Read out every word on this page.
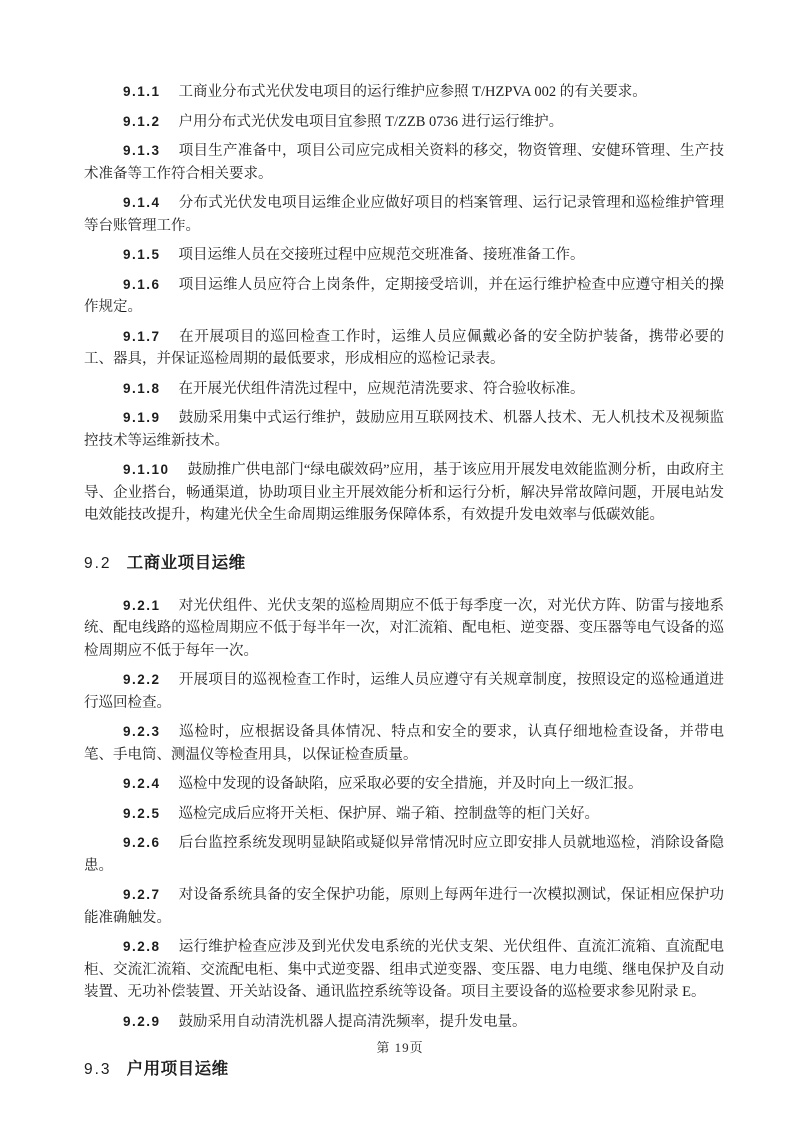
9.1.1 工商业分布式光伏发电项目的运行维护应参照 T/HZPVA 002 的有关要求。

9.1.2 户用分布式光伏发电项目宜参照 T/ZZB 0736 进行运行维护。

9.1.3 项目生产准备中，项目公司应完成相关资料的移交，物资管理、安健环管理、生产技术准备等工作符合相关要求。

9.1.4 分布式光伏发电项目运维企业应做好项目的档案管理、运行记录管理和巡检维护管理等台账管理工作。

9.1.5 项目运维人员在交接班过程中应规范交班准备、接班准备工作。

9.1.6 项目运维人员应符合上岗条件，定期接受培训，并在运行维护检查中应遵守相关的操作规定。

9.1.7 在开展项目的巡回检查工作时，运维人员应佩戴必备的安全防护装备，携带必要的工、器具，并保证巡检周期的最低要求，形成相应的巡检记录表。

9.1.8 在开展光伏组件清洗过程中，应规范清洗要求、符合验收标准。

9.1.9 鼓励采用集中式运行维护，鼓励应用互联网技术、机器人技术、无人机技术及视频监控技术等运维新技术。

9.1.10 鼓励推广供电部门“绿电碳效码”应用，基于该应用开展发电效能监测分析，由政府主导、企业搭台，畅通渠道，协助项目业主开展效能分析和运行分析，解决异常故障问题，开展电站发电效能技改提升，构建光伏全生命周期运维服务保障体系，有效提升发电效率与低碳效能。

9.2 工商业项目运维

9.2.1 对光伏组件、光伏支架的巡检周期应不低于每季度一次，对光伏方阵、防雷与接地系统、配电线路的巡检周期应不低于每半年一次，对汇流箱、配电柜、逆变器、变压器等电气设备的巡检周期应不低于每年一次。

9.2.2 开展项目的巡视检查工作时，运维人员应遵守有关规章制度，按照设定的巡检通道进行巡回检查。

9.2.3 巡检时，应根据设备具体情况、特点和安全的要求，认真仔细地检查设备，并带电笔、手电筒、测温仪等检查用具，以保证检查质量。

9.2.4 巡检中发现的设备缺陷，应采取必要的安全措施，并及时向上一级汇报。

9.2.5 巡检完成后应将开关柜、保护屏、端子箱、控制盘等的柜门关好。

9.2.6 后台监控系统发现明显缺陷或疑似异常情况时应立即安排人员就地巡检，消除设备隐患。

9.2.7 对设备系统具备的安全保护功能，原则上每两年进行一次模拟测试，保证相应保护功能准确触发。

9.2.8 运行维护检查应涉及到光伏发电系统的光伏支架、光伏组件、直流汇流箱、直流配电柜、交流汇流箱、交流配电柜、集中式逆变器、组串式逆变器、变压器、电力电缆、继电保护及自动装置、无功补偿装置、开关站设备、通讯监控系统等设备。项目主要设备的巡检要求参见附录 E。

9.2.9 鼓励采用自动清洗机器人提高清洗频率，提升发电量。

9.3 户用项目运维
第 19页
